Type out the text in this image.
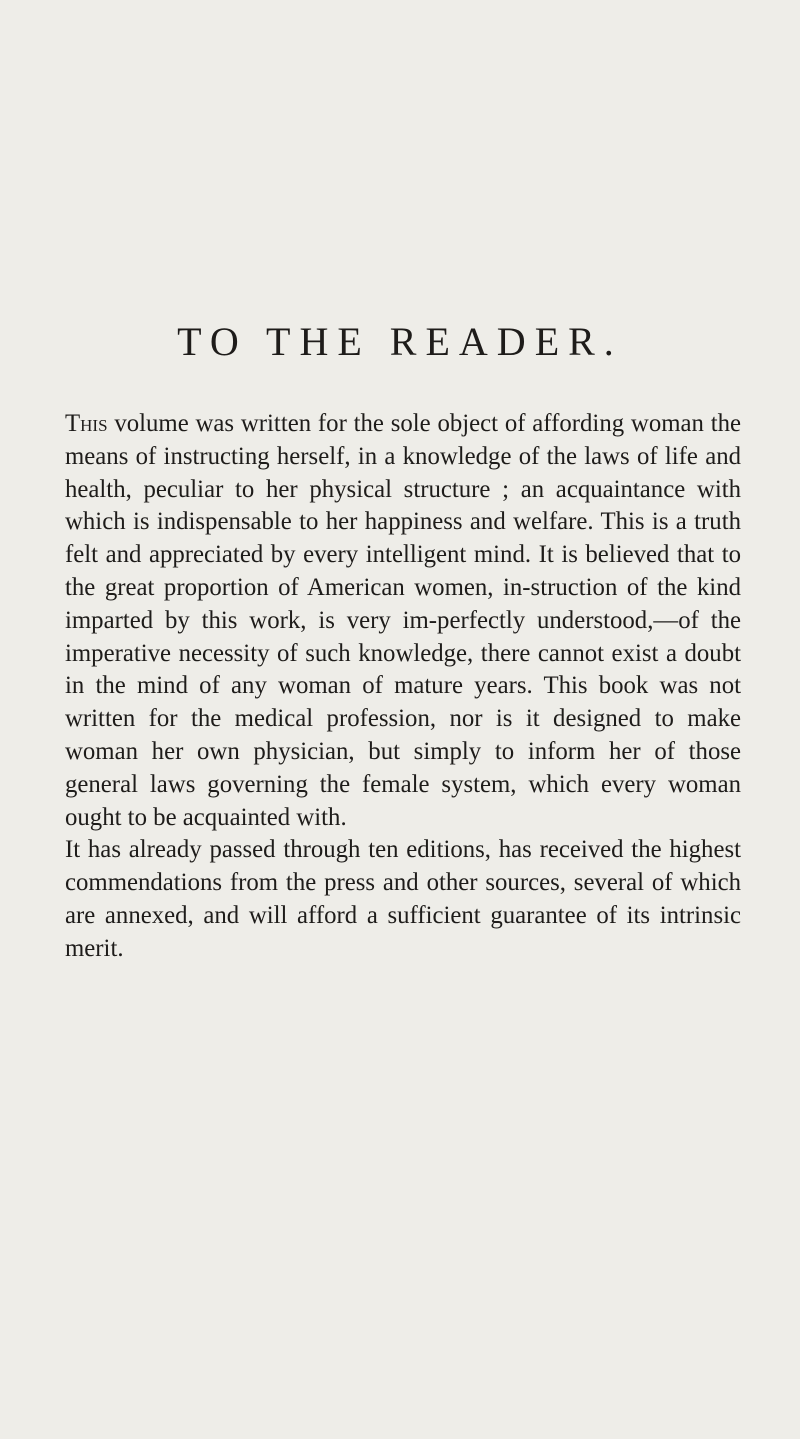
TO THE READER.

This volume was written for the sole object of affording woman the means of instructing herself, in a knowledge of the laws of life and health, peculiar to her physical structure ; an acquaintance with which is indispensable to her happiness and welfare. This is a truth felt and appreciated by every intelligent mind. It is believed that to the great proportion of American women, in-struction of the kind imparted by this work, is very im-perfectly understood,—of the imperative necessity of such knowledge, there cannot exist a doubt in the mind of any woman of mature years. This book was not written for the medical profession, nor is it designed to make woman her own physician, but simply to inform her of those general laws governing the female system, which every woman ought to be acquainted with.

It has already passed through ten editions, has received the highest commendations from the press and other sources, several of which are annexed, and will afford a sufficient guarantee of its intrinsic merit.
